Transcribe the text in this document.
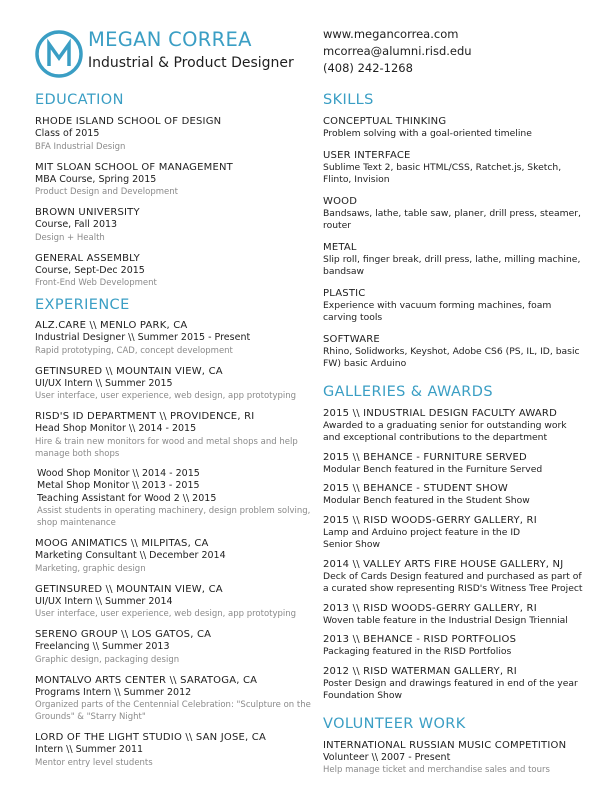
MEGAN CORREA
Industrial & Product Designer
www.megancorrea.com
mcorrea@alumni.risd.edu
(408) 242-1268
EDUCATION
RHODE ISLAND SCHOOL OF DESIGN
Class of 2015
BFA Industrial Design
MIT SLOAN SCHOOL OF MANAGEMENT
MBA Course, Spring 2015
Product Design and Development
BROWN UNIVERSITY
Course, Fall 2013
Design + Health
GENERAL ASSEMBLY
Course, Sept-Dec 2015
Front-End Web Development
EXPERIENCE
ALZ.CARE \\ MENLO PARK, CA
Industrial Designer \\ Summer 2015 - Present
Rapid prototyping, CAD, concept development
GETINSURED \\ MOUNTAIN VIEW, CA
UI/UX Intern \\ Summer 2015
User interface, user experience, web design, app prototyping
RISD'S ID DEPARTMENT \\ PROVIDENCE, RI
Head Shop Monitor \\ 2014 - 2015
Hire & train new monitors for wood and metal shops and help manage both shops
Wood Shop Monitor \\ 2014 - 2015
Metal Shop Monitor \\ 2013 - 2015
Teaching Assistant for Wood 2 \\ 2015
Assist students in operating machinery, design problem solving, shop maintenance
MOOG ANIMATICS \\ MILPITAS, CA
Marketing Consultant \\ December 2014
Marketing, graphic design
GETINSURED \\ MOUNTAIN VIEW, CA
UI/UX Intern \\ Summer 2014
User interface, user experience, web design, app prototyping
SERENO GROUP \\ LOS GATOS, CA
Freelancing \\ Summer 2013
Graphic design, packaging design
MONTALVO ARTS CENTER \\ SARATOGA, CA
Programs Intern \\ Summer 2012
Organized parts of the Centennial Celebration: "Sculpture on the Grounds" & "Starry Night"
LORD OF THE LIGHT STUDIO \\ SAN JOSE, CA
Intern \\ Summer 2011
Mentor entry level students
SKILLS
CONCEPTUAL THINKING
Problem solving with a goal-oriented timeline
USER INTERFACE
Sublime Text 2, basic HTML/CSS, Ratchet.js, Sketch, Flinto, Invision
WOOD
Bandsaws, lathe, table saw, planer, drill press, steamer, router
METAL
Slip roll, finger break, drill press, lathe, milling machine, bandsaw
PLASTIC
Experience with vacuum forming machines, foam carving tools
SOFTWARE
Rhino, Solidworks, Keyshot, Adobe CS6 (PS, IL, ID, basic FW) basic Arduino
GALLERIES & AWARDS
2015 \\ INDUSTRIAL DESIGN FACULTY AWARD
Awarded to a graduating senior for outstanding work and exceptional contributions to the department
2015 \\ BEHANCE - FURNITURE SERVED
Modular Bench featured in the Furniture Served
2015 \\ BEHANCE - STUDENT SHOW
Modular Bench featured in the Student Show
2015 \\ RISD WOODS-GERRY GALLERY, RI
Lamp and Arduino project feature in the ID
Senior Show
2014 \\ VALLEY ARTS FIRE HOUSE GALLERY, NJ
Deck of Cards Design featured and purchased as part of a curated show representing RISD's Witness Tree Project
2013 \\ RISD WOODS-GERRY GALLERY, RI
Woven table feature in the Industrial Design Triennial
2013 \\ BEHANCE - RISD PORTFOLIOS
Packaging featured in the RISD Portfolios
2012 \\ RISD WATERMAN GALLERY, RI
Poster Design and drawings featured in end of the year Foundation Show
VOLUNTEER WORK
INTERNATIONAL RUSSIAN MUSIC COMPETITION
Volunteer \\ 2007 - Present
Help manage ticket and merchandise sales and tours
